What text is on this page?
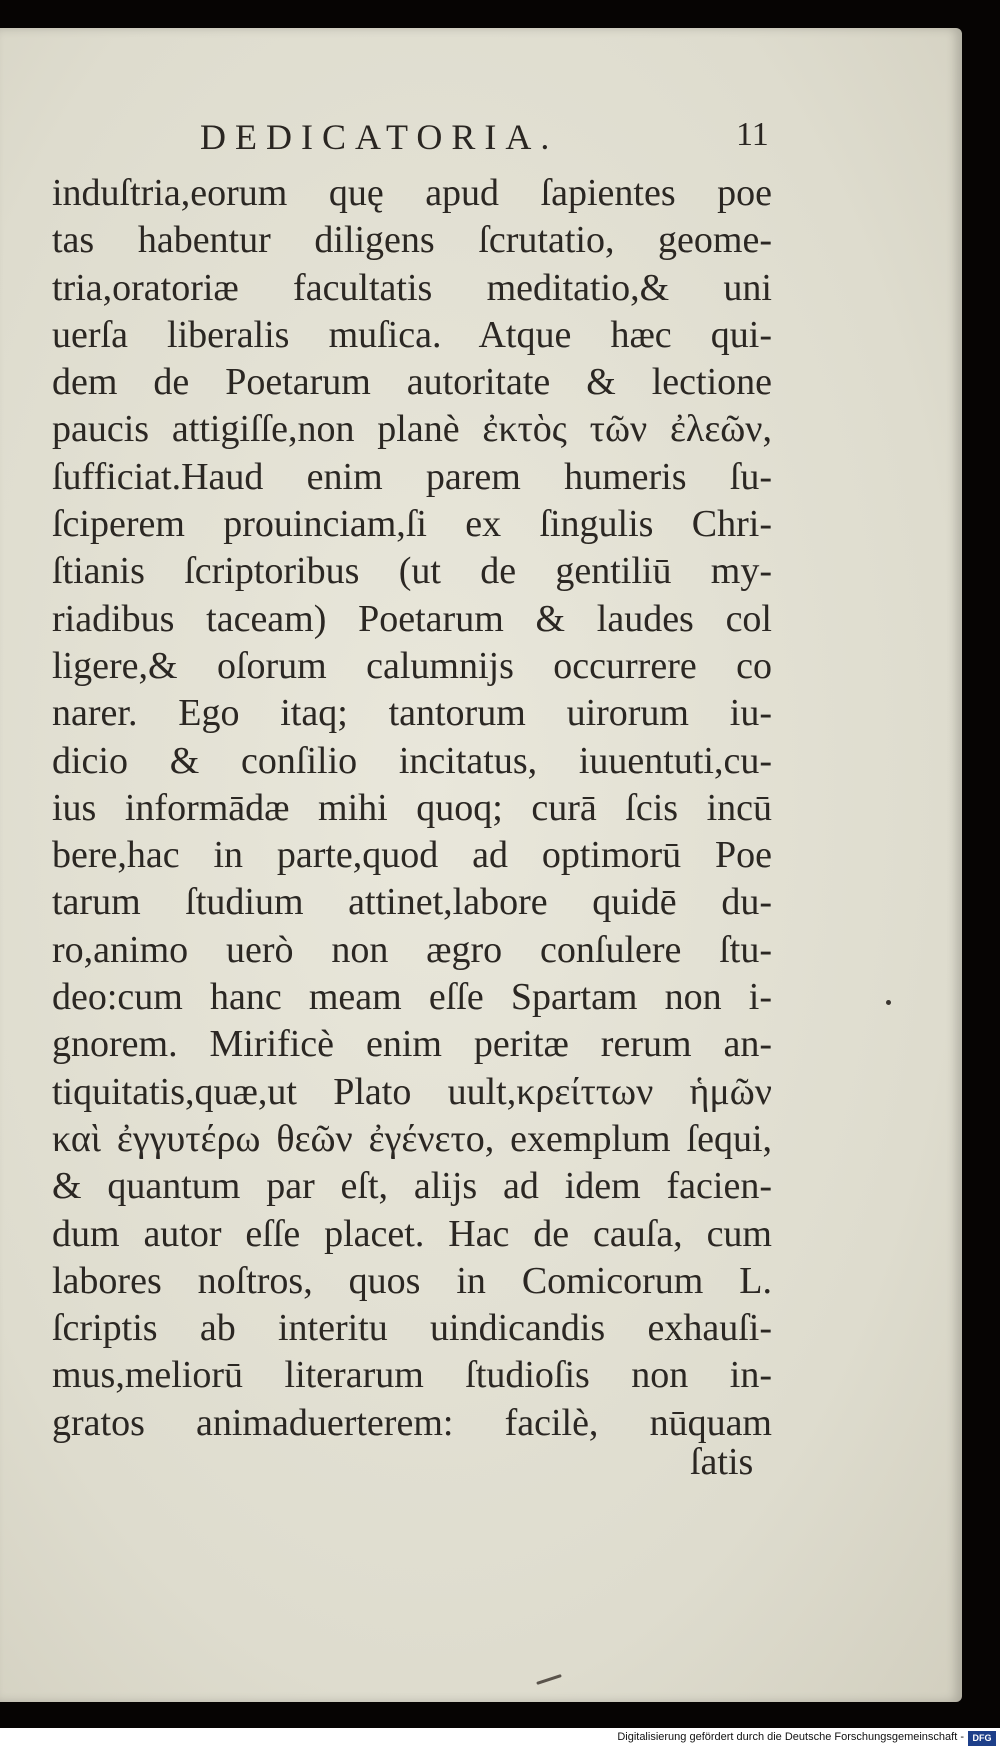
DEDICATORIA.	11
induſtria,eorum quę apud ſapientes poe
tas habentur diligens ſcrutatio, geome-
tria,oratoriæ facultatis meditatio,& uni
uerſa liberalis muſica. Atque hæc qui-
dem de Poetarum autoritate & lectione
paucis attigiſſe,non planè ἐκτὸς τῶν ἐλεῶν,
ſufficiat.Haud enim parem humeris ſu-
ſciperem prouinciam,ſi ex ſingulis Chri-
ſtianis ſcriptoribus (ut de gentiliū my-
riadibus taceam) Poetarum & laudes col
ligere,& oſorum calumnijs occurrere co
narer. Ego itaq; tantorum uirorum iu-
dicio & conſilio incitatus, iuuentuti,cu-
ius informādæ mihi quoq; curā ſcis incū
bere,hac in parte,quod ad optimorū Poe
tarum ſtudium attinet,labore quidē du-
ro,animo uerò non ægro conſulere ſtu-
deo:cum hanc meam eſſe Spartam non i-
gnorem. Mirificè enim peritæ rerum an-
tiquitatis,quæ,ut Plato uult,κρείττων ἡμῶν
καὶ ἐγγυτέρω θεῶν ἐγένετο, exemplum ſequi,
& quantum par eſt, alijs ad idem facien-
dum autor eſſe placet. Hac de cauſa, cum
labores noſtros, quos in Comicorum L.
ſcriptis ab interitu uindicandis exhauſi-
mus,meliorū literarum ſtudioſis non in-
gratos animaduerterem: facilè, nūquam
ſatis
Digitalisierung gefördert durch die Deutsche Forschungsgemeinschaft - DFG
